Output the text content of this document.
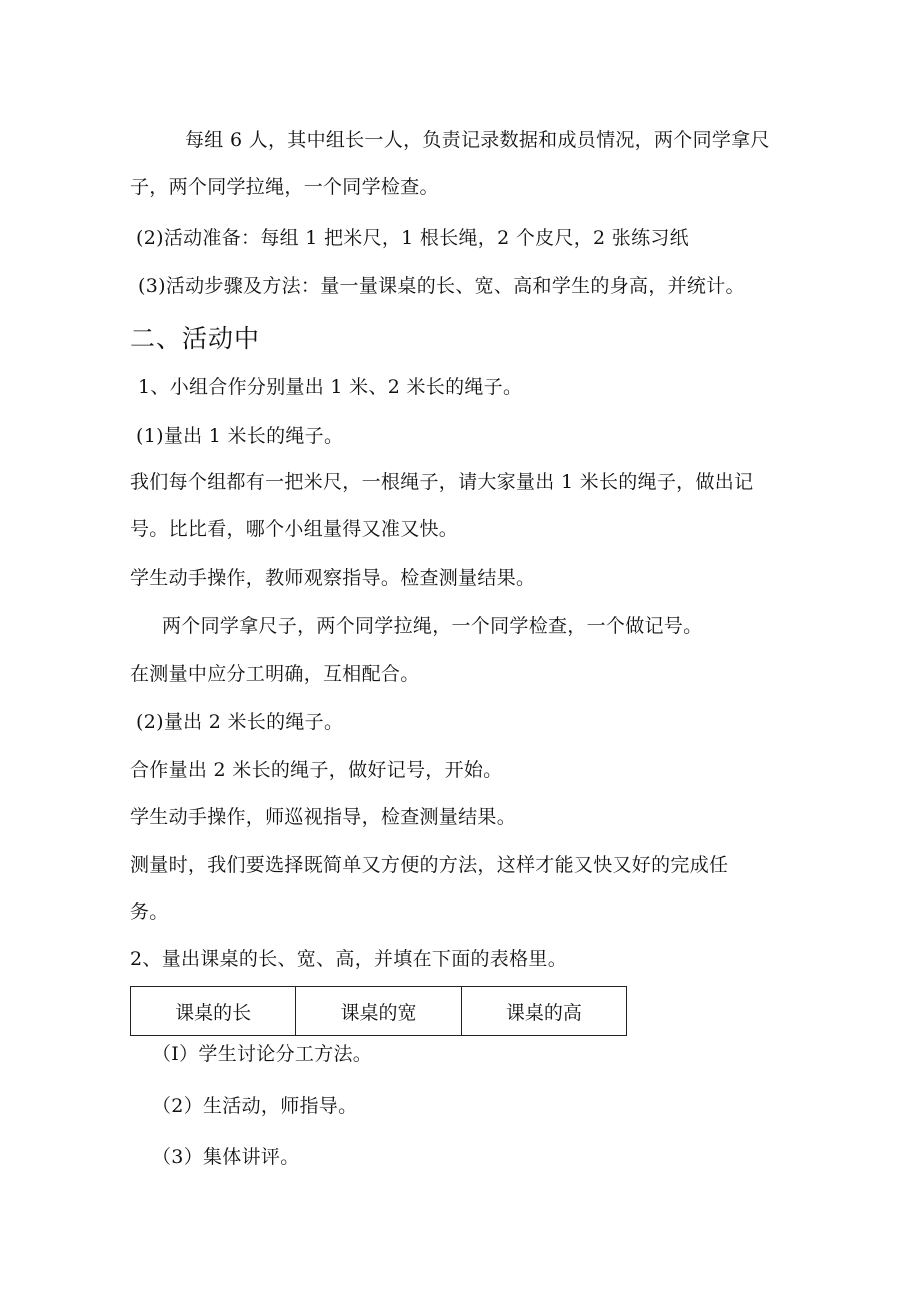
每组 6 人，其中组长一人，负责记录数据和成员情况，两个同学拿尺
子，两个同学拉绳，一个同学检查。
(2)活动准备：每组 1 把米尺，1 根长绳，2 个皮尺，2 张练习纸
(3)活动步骤及方法：量一量课桌的长、宽、高和学生的身高，并统计。
二、活动中
1、小组合作分别量出 1 米、2 米长的绳子。
(1)量出 1 米长的绳子。
我们每个组都有一把米尺，一根绳子，请大家量出 1 米长的绳子，做出记
号。比比看，哪个小组量得又准又快。
学生动手操作，教师观察指导。检查测量结果。
两个同学拿尺子，两个同学拉绳，一个同学检查，一个做记号。
在测量中应分工明确，互相配合。
(2)量出 2 米长的绳子。
合作量出 2 米长的绳子，做好记号，开始。
学生动手操作，师巡视指导，检查测量结果。
测量时，我们要选择既简单又方便的方法，这样才能又快又好的完成任
务。
2、量出课桌的长、宽、高，并填在下面的表格里。
课桌的长	课桌的宽	课桌的高
（I）学生讨论分工方法。
（2）生活动，师指导。
（3）集体讲评。
